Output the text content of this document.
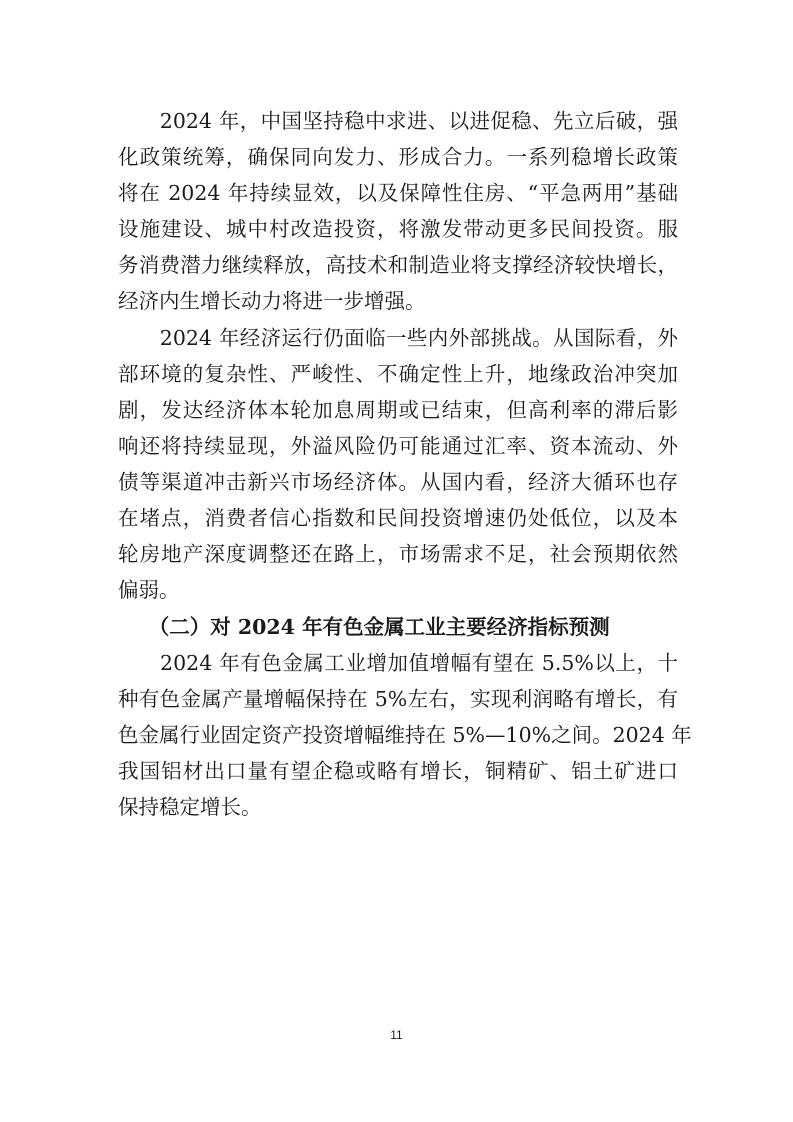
　　2024 年，中国坚持稳中求进、以进促稳、先立后破，强
化政策统筹，确保同向发力、形成合力。一系列稳增长政策
将在 2024 年持续显效，以及保障性住房、“平急两用”基础
设施建设、城中村改造投资，将激发带动更多民间投资。服
务消费潜力继续释放，高技术和制造业将支撑经济较快增长，
经济内生增长动力将进一步增强。
　　2024 年经济运行仍面临一些内外部挑战。从国际看，外
部环境的复杂性、严峻性、不确定性上升，地缘政治冲突加
剧，发达经济体本轮加息周期或已结束，但高利率的滞后影
响还将持续显现，外溢风险仍可能通过汇率、资本流动、外
债等渠道冲击新兴市场经济体。从国内看，经济大循环也存
在堵点，消费者信心指数和民间投资增速仍处低位，以及本
轮房地产深度调整还在路上，市场需求不足，社会预期依然
偏弱。
　　（二）对 2024 年有色金属工业主要经济指标预测
　　2024 年有色金属工业增加值增幅有望在 5.5%以上，十
种有色金属产量增幅保持在 5%左右，实现利润略有增长，有
色金属行业固定资产投资增幅维持在 5%—10%之间。2024 年
我国铝材出口量有望企稳或略有增长，铜精矿、铝土矿进口
保持稳定增长。
11
